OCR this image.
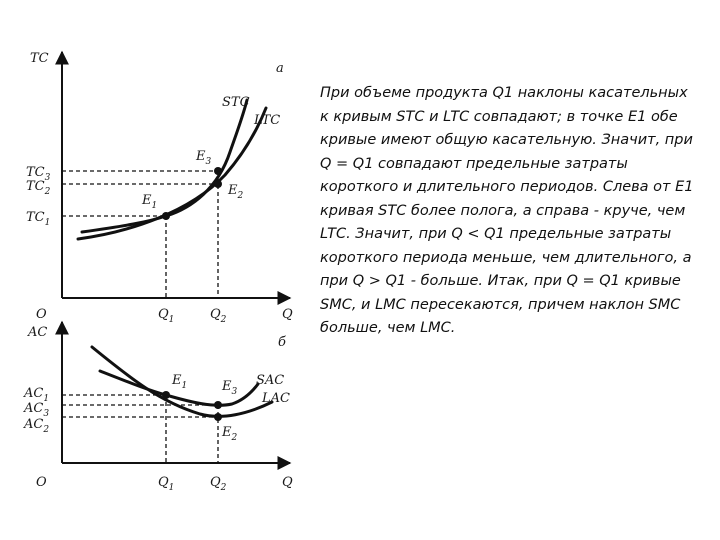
TC
а
O	Q
$TC_3$
$TC_2$
$TC_1$
$Q_1$	$Q_2$
STC
LTC
$E_1$
$E_3$
$E_2$
AC
б
O	Q
$AC_1$
$AC_3$
$AC_2$
$Q_1$	$Q_2$
SAC
LAC
$E_1$	$E_3$
$E_2$

При объеме продукта Q1 наклоны касательных к кривым STC и LTC совпадают; в точке E1 обе кривые имеют общую касательную. Значит, при Q = Q1 совпадают предельные затраты короткого и длительного периодов. Слева от E1 кривая STC более полога, а справа - круче, чем LTC. Значит, при Q < Q1 предельные затраты короткого периода меньше, чем длительного, а при Q > Q1 - больше. Итак, при Q = Q1 кривые SMC, и LMC пересекаются, причем наклон SMC больше, чем LMC.
